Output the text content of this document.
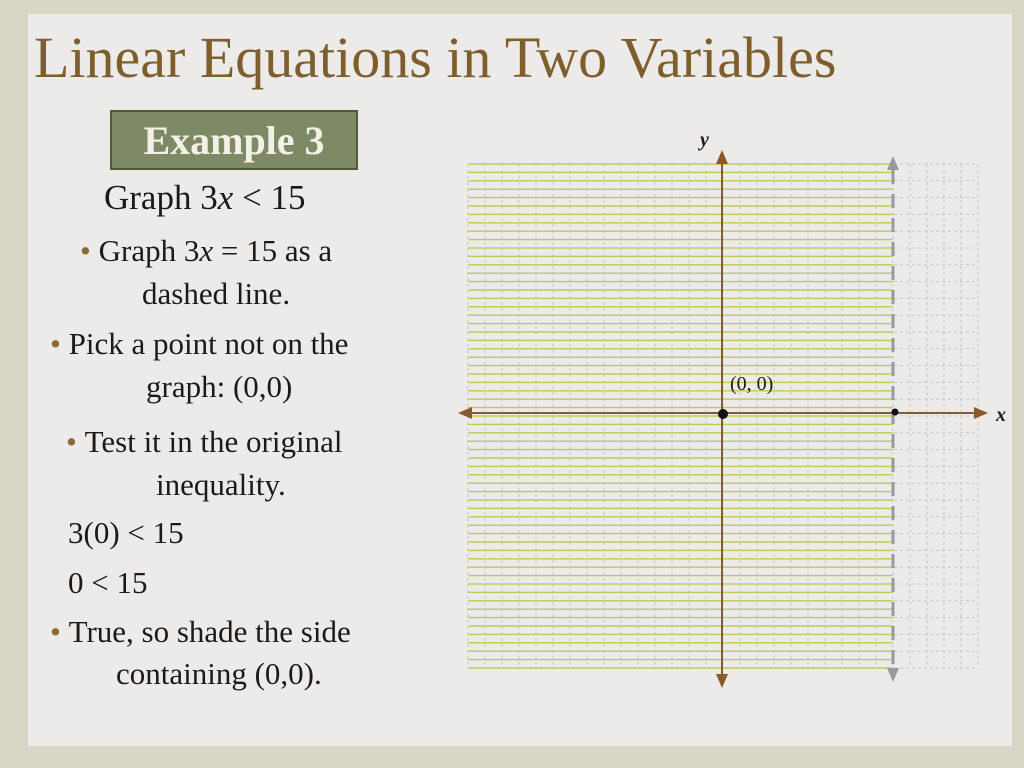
Linear Equations in Two Variables
Example 3
Graph 3x < 15
• Graph 3x = 15 as a
dashed line.
• Pick a point not on the
graph: (0,0)
• Test it in the original
inequality.
3(0) < 15
0 < 15
• True, so shade the side
containing (0,0).
x
y
(0, 0)
